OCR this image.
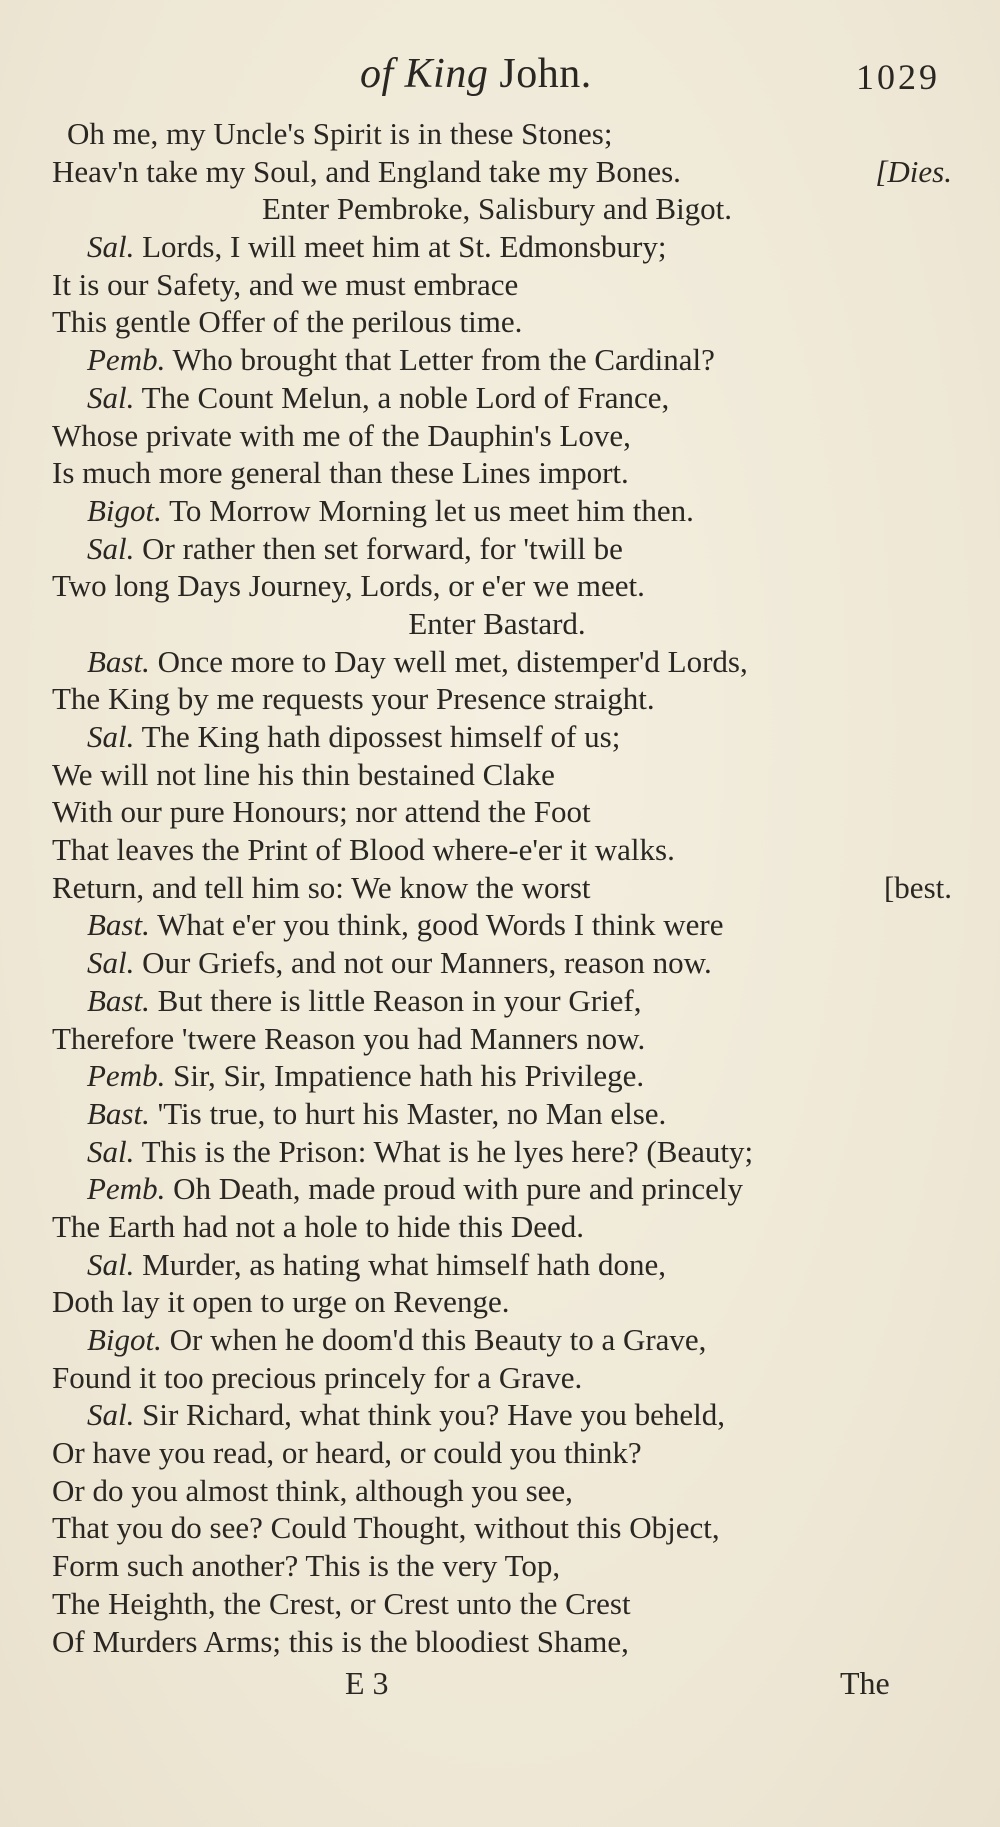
of King John.	1029
Oh me, my Uncle's Spirit is in these Stones;
Heav'n take my Soul, and England take my Bones.	[Dies.
Enter Pembroke, Salisbury and Bigot.
Sal. Lords, I will meet him at St. Edmonsbury;
It is our Safety, and we must embrace
This gentle Offer of the perilous time.
Pemb. Who brought that Letter from the Cardinal?
Sal. The Count Melun, a noble Lord of France,
Whose private with me of the Dauphin's Love,
Is much more general than these Lines import.
Bigot. To Morrow Morning let us meet him then.
Sal. Or rather then set forward, for 'twill be
Two long Days Journey, Lords, or e'er we meet.
Enter Bastard.
Bast. Once more to Day well met, distemper'd Lords,
The King by me requests your Presence straight.
Sal. The King hath dipossest himself of us;
We will not line his thin bestained Clake
With our pure Honours; nor attend the Foot
That leaves the Print of Blood where-e'er it walks.
Return, and tell him so: We know the worst	[best.
Bast. What e'er you think, good Words I think were
Sal. Our Griefs, and not our Manners, reason now.
Bast. But there is little Reason in your Grief,
Therefore 'twere Reason you had Manners now.
Pemb. Sir, Sir, Impatience hath his Privilege.
Bast. 'Tis true, to hurt his Master, no Man else.
Sal. This is the Prison: What is he lyes here? (Beauty;
Pemb. Oh Death, made proud with pure and princely
The Earth had not a hole to hide this Deed.
Sal. Murder, as hating what himself hath done,
Doth lay it open to urge on Revenge.
Bigot. Or when he doom'd this Beauty to a Grave,
Found it too precious princely for a Grave.
Sal. Sir Richard, what think you? Have you beheld,
Or have you read, or heard, or could you think?
Or do you almost think, although you see,
That you do see? Could Thought, without this Object,
Form such another? This is the very Top,
The Heighth, the Crest, or Crest unto the Crest
Of Murders Arms; this is the bloodiest Shame,
E 3	The
